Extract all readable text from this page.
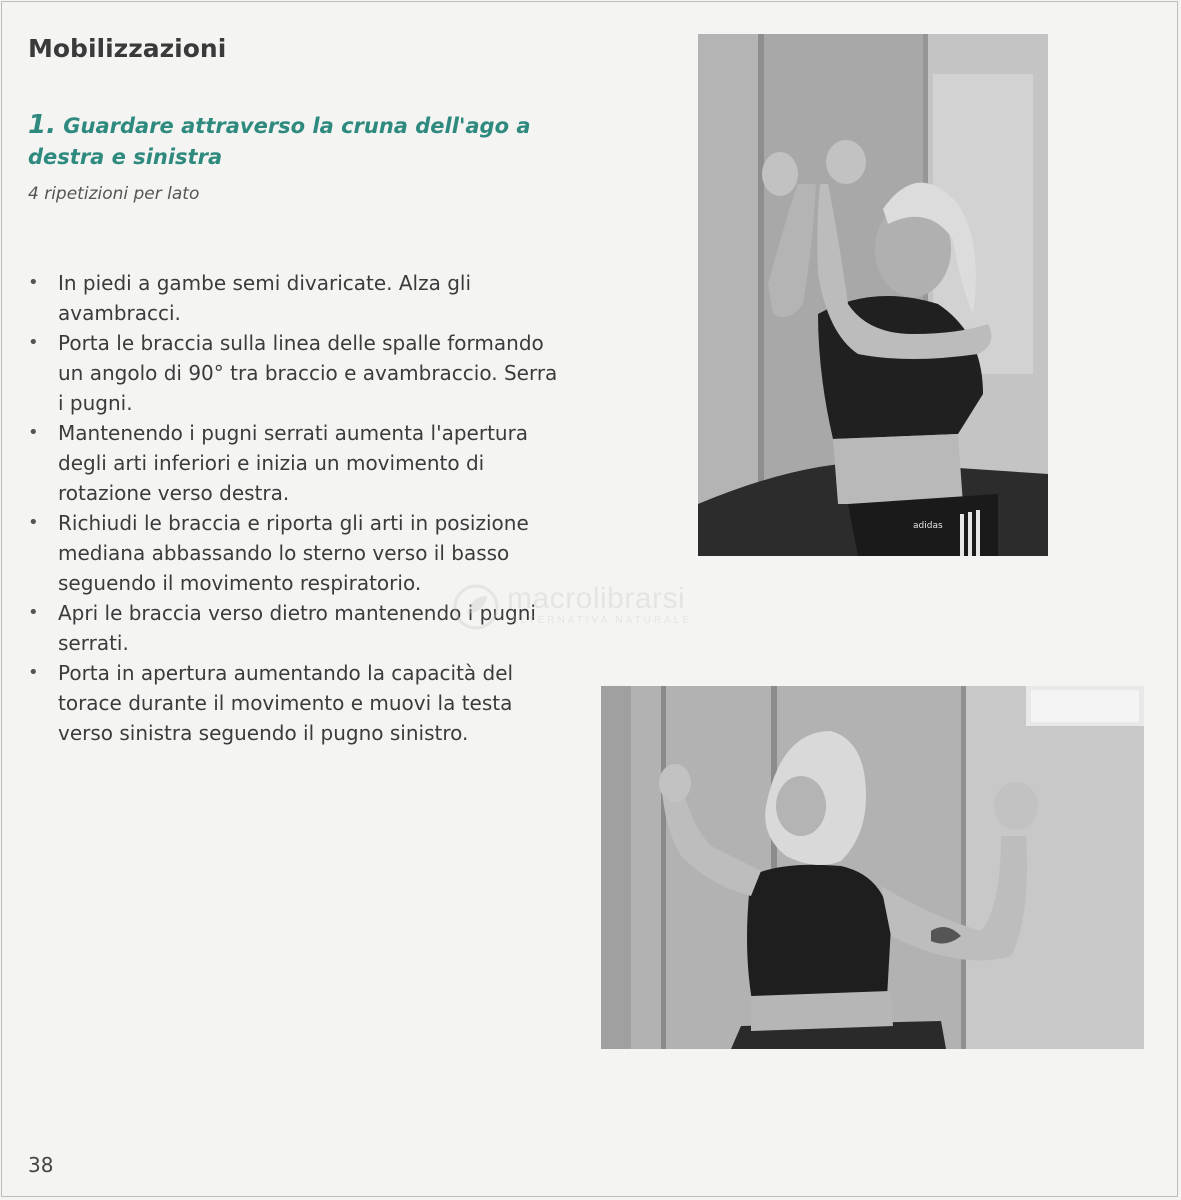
Mobilizzazioni
1. Guardare attraverso la cruna dell'ago a destra e sinistra
4 ripetizioni per lato
• In piedi a gambe semi divaricate. Alza gli avambracci.
• Porta le braccia sulla linea delle spalle formando un angolo di 90° tra braccio e avambraccio. Serra i pugni.
• Mantenendo i pugni serrati aumenta l'apertura degli arti inferiori e inizia un movimento di rotazione verso destra.
• Richiudi le braccia e riporta gli arti in posizione mediana abbassando lo sterno verso il basso seguendo il movimento respiratorio.
• Apri le braccia verso dietro mantenendo i pugni serrati.
• Porta in apertura aumentando la capacità del torace durante il movimento e muovi la testa verso sinistra seguendo il pugno sinistro.
adidas
macrolibrarsi
ALTERNATIVA NATURALE
38
